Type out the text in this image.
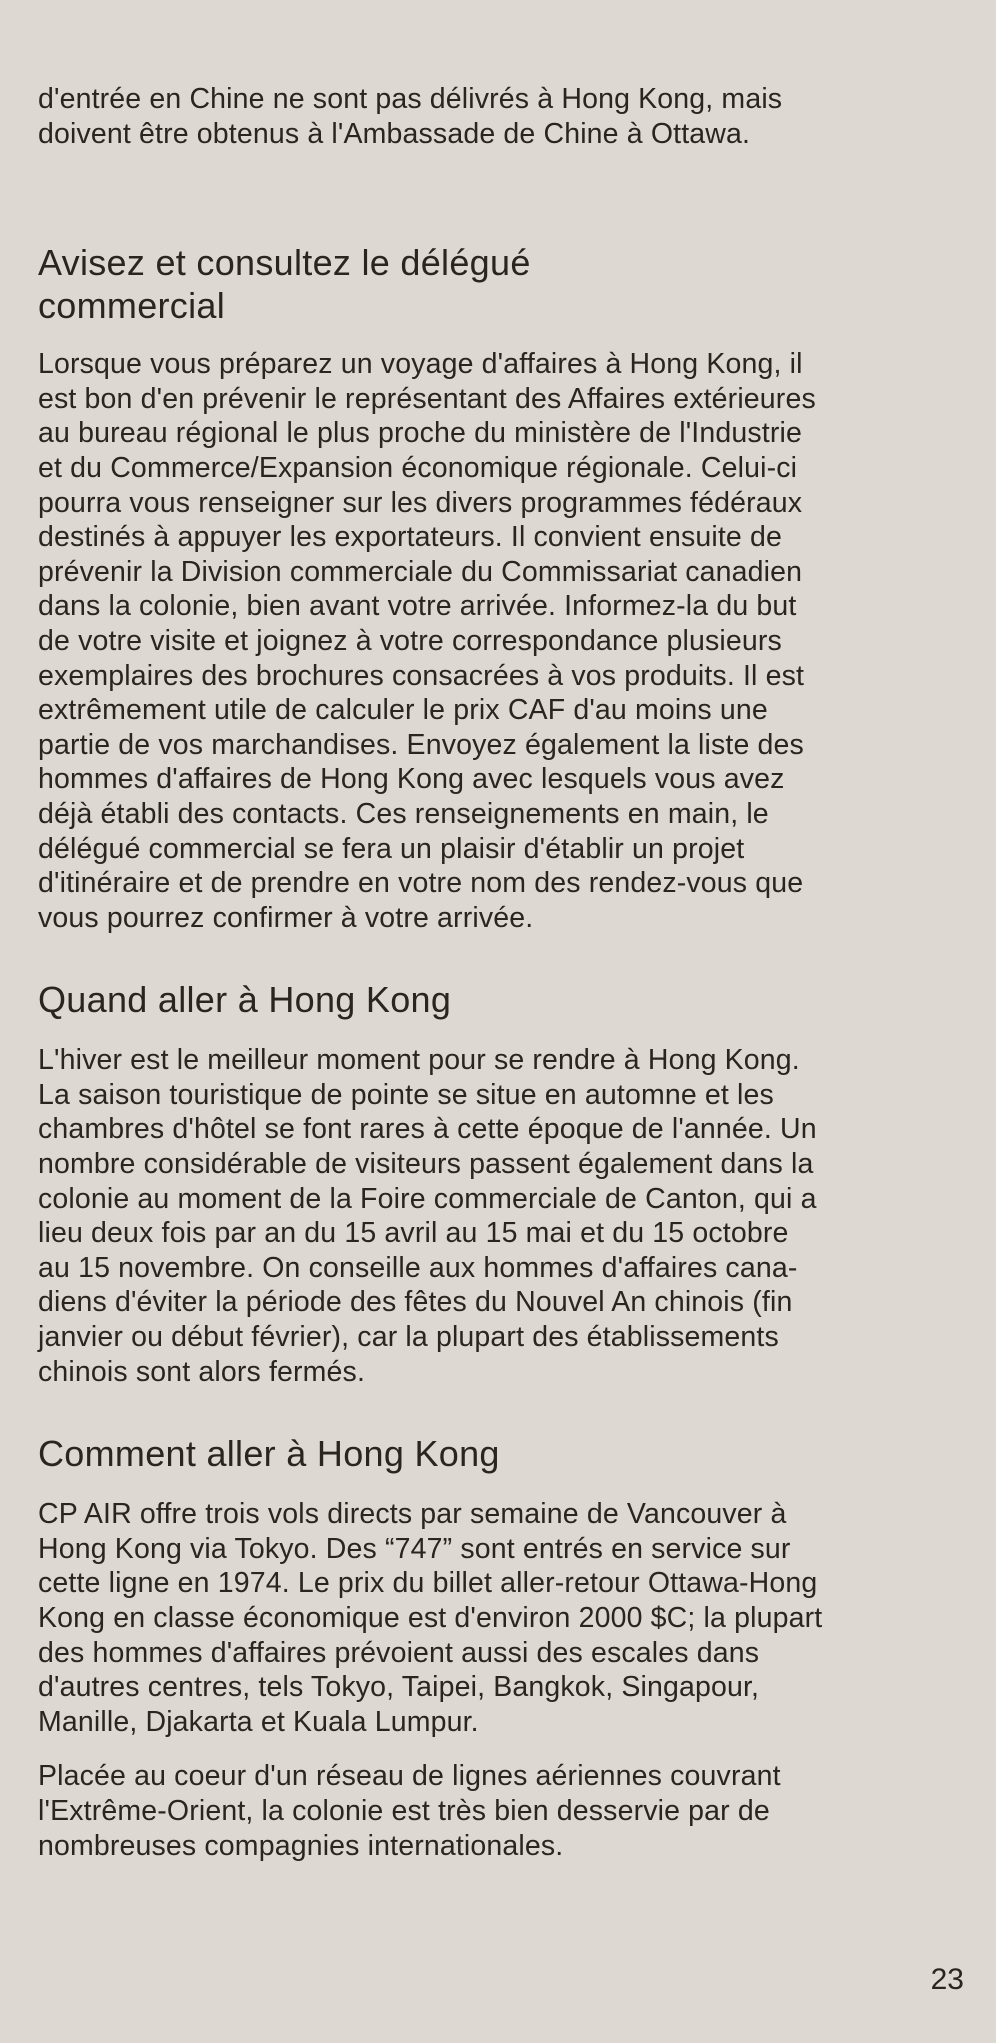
d'entrée en Chine ne sont pas délivrés à Hong Kong, mais
doivent être obtenus à l'Ambassade de Chine à Ottawa.

Avisez et consultez le délégué
commercial

Lorsque vous préparez un voyage d'affaires à Hong Kong, il
est bon d'en prévenir le représentant des Affaires extérieures
au bureau régional le plus proche du ministère de l'Industrie
et du Commerce/Expansion économique régionale. Celui-ci
pourra vous renseigner sur les divers programmes fédéraux
destinés à appuyer les exportateurs. Il convient ensuite de
prévenir la Division commerciale du Commissariat canadien
dans la colonie, bien avant votre arrivée. Informez-la du but
de votre visite et joignez à votre correspondance plusieurs
exemplaires des brochures consacrées à vos produits. Il est
extrêmement utile de calculer le prix CAF d'au moins une
partie de vos marchandises. Envoyez également la liste des
hommes d'affaires de Hong Kong avec lesquels vous avez
déjà établi des contacts. Ces renseignements en main, le
délégué commercial se fera un plaisir d'établir un projet
d'itinéraire et de prendre en votre nom des rendez-vous que
vous pourrez confirmer à votre arrivée.

Quand aller à Hong Kong

L'hiver est le meilleur moment pour se rendre à Hong Kong.
La saison touristique de pointe se situe en automne et les
chambres d'hôtel se font rares à cette époque de l'année. Un
nombre considérable de visiteurs passent également dans la
colonie au moment de la Foire commerciale de Canton, qui a
lieu deux fois par an du 15 avril au 15 mai et du 15 octobre
au 15 novembre. On conseille aux hommes d'affaires cana-
diens d'éviter la période des fêtes du Nouvel An chinois (fin
janvier ou début février), car la plupart des établissements
chinois sont alors fermés.

Comment aller à Hong Kong

CP AIR offre trois vols directs par semaine de Vancouver à
Hong Kong via Tokyo. Des “747” sont entrés en service sur
cette ligne en 1974. Le prix du billet aller-retour Ottawa-Hong
Kong en classe économique est d'environ 2000 $C; la plupart
des hommes d'affaires prévoient aussi des escales dans
d'autres centres, tels Tokyo, Taipei, Bangkok, Singapour,
Manille, Djakarta et Kuala Lumpur.

Placée au coeur d'un réseau de lignes aériennes couvrant
l'Extrême-Orient, la colonie est très bien desservie par de
nombreuses compagnies internationales.

23
